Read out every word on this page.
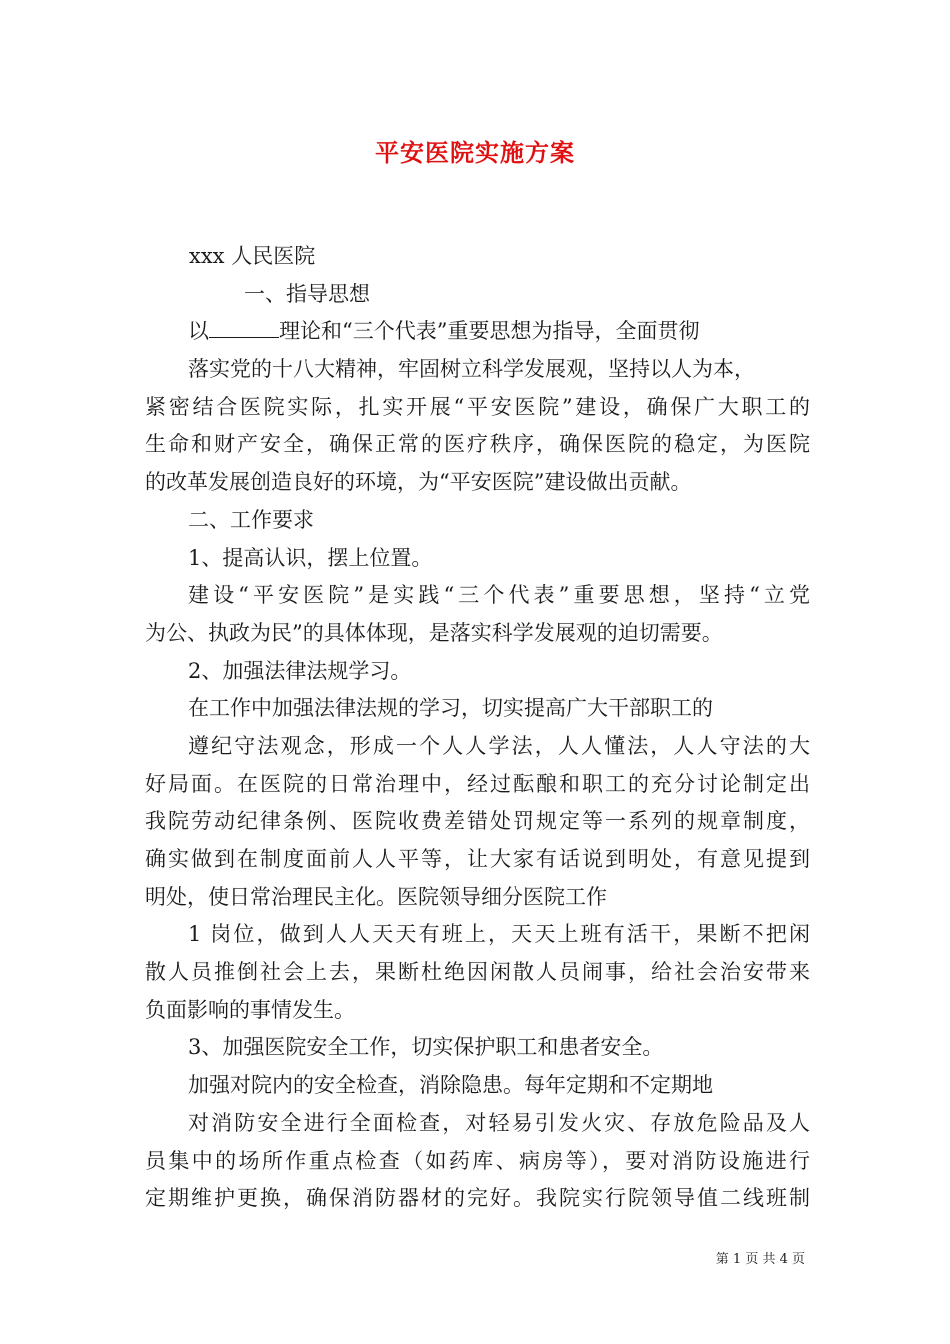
平安医院实施方案
xxx 人民医院
一、指导思想
以	理论和“三个代表”重要思想为指导，全面贯彻
落实党的十八大精神，牢固树立科学发展观，坚持以人为本，
紧密结合医院实际，扎实开展“平安医院”建设，确保广大职工的
生命和财产安全，确保正常的医疗秩序，确保医院的稳定，为医院
的改革发展创造良好的环境，为“平安医院”建设做出贡献。
二、工作要求
1、提高认识，摆上位置。
建设“平安医院”是实践“三个代表”重要思想，坚持“立党
为公、执政为民”的具体体现，是落实科学发展观的迫切需要。
2、加强法律法规学习。
在工作中加强法律法规的学习，切实提高广大干部职工的
遵纪守法观念，形成一个人人学法，人人懂法，人人守法的大
好局面。在医院的日常治理中，经过酝酿和职工的充分讨论制定出
我院劳动纪律条例、医院收费差错处罚规定等一系列的规章制度，
确实做到在制度面前人人平等，让大家有话说到明处，有意见提到
明处，使日常治理民主化。医院领导细分医院工作
1 岗位，做到人人天天有班上，天天上班有活干，果断不把闲
散人员推倒社会上去，果断杜绝因闲散人员闹事，给社会治安带来
负面影响的事情发生。
3、加强医院安全工作，切实保护职工和患者安全。
加强对院内的安全检查，消除隐患。每年定期和不定期地
对消防安全进行全面检查，对轻易引发火灾、存放危险品及人
员集中的场所作重点检查（如药库、病房等），要对消防设施进行
定期维护更换，确保消防器材的完好。我院实行院领导值二线班制
第 1 页 共 4 页
